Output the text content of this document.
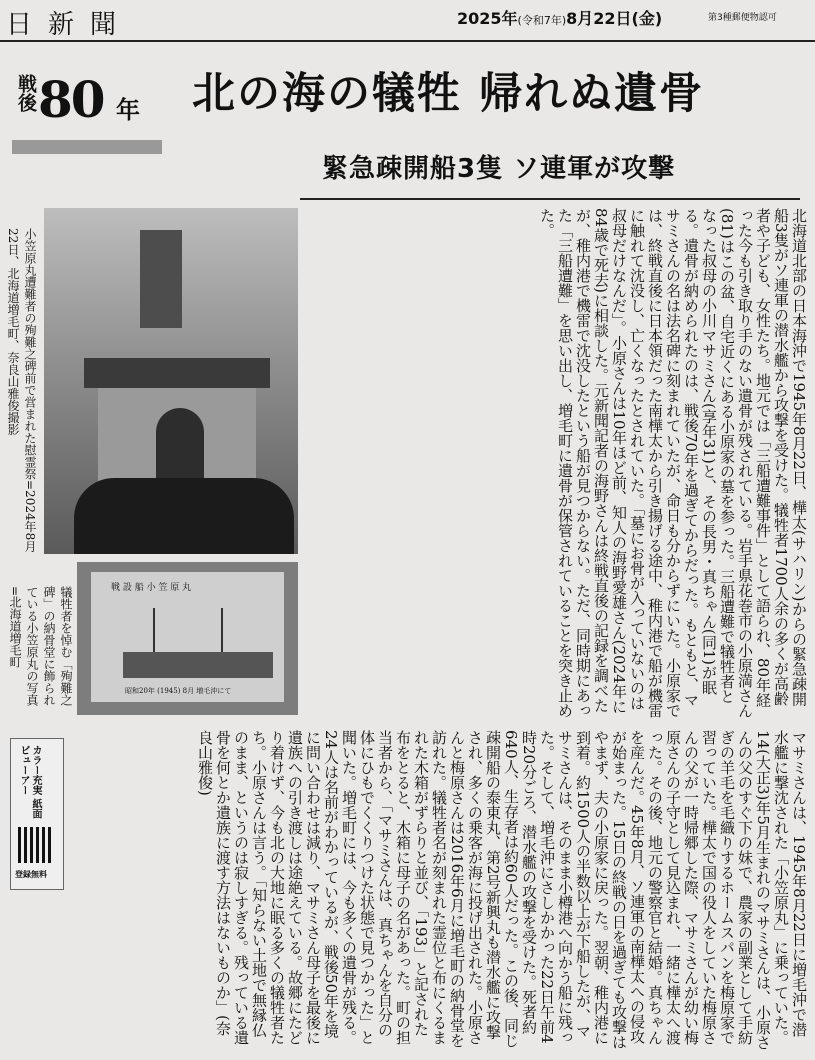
日新聞	2025年(令和7年)8月22日(金)	第3種郵便物認可
戦後 80 年 北の海の犠牲 帰れぬ遺骨
緊急疎開船3隻 ソ連軍が攻撃
小笠原丸遭難者の殉難之碑前で営まれた慰霊祭=2024年8月22日、北海道増毛町、奈良山雅俊撮影
犠牲者を悼む「殉難之碑」の納骨堂に飾られている小笠原丸の写真=北海道増毛町	戦 設 船 小 笠 原 丸
昭和20年 (1945) 8月 増毛沖にて	北海道北部の日本海沖で1945年8月22日、樺太(サハリン)からの緊急疎開船3隻がソ連軍の潜水艦から攻撃を受けた。犠牲者1700人余の多くが高齢者や子ども、女性たち。地元では「三船遭難事件」として語られ、80年経った今も引き取り手のない遺骨が残されている。岩手県花巻市の小原満さん(81)はこの盆、自宅近くにある小原家の墓を参った。三船遭難で犠牲者となった叔母の小川マサミさん(享年31)と、その長男・真ちゃん(同1)が眠る。遺骨が納められたのは、戦後70年を過ぎてからだった。もともと、マサミさんの名は法名碑に刻まれていたが、命日も分からずにいた。小原家では、終戦直後に日本領だった南樺太から引き揚げる途中、稚内港で船が機雷に触れて沈没し、亡くなったとされていた。「墓にお骨が入っていないのは叔母だけなんだ」。小原さんは10年ほど前、知人の海野愛雄さん(2024年に84歳で死去)に相談した。元新聞記者の海野さんは終戦直後の記録を調べたが、稚内港で機雷で沈没したという船が見つからない。ただ、同時期にあった「三船遭難」を思い出し、増毛町に遺骨が保管されていることを突き止めた。
マサミさんは、1945年8月22日に増毛沖で潜水艦に撃沈された「小笠原丸」に乗っていた。14(大正3)年5月生まれのマサミさんは、小原さんの父のすぐ下の妹で、農家の副業として手紡ぎの羊毛を毛織りするホームスパンを梅原家で習っていた。樺太で国の役人をしていた梅原さんの父が一時帰郷した際、マサミさんが幼い梅原さんの子守として見込まれ、一緒に樺太へ渡った。その後、地元の警察官と結婚。真ちゃんを産んだ。45年8月、ソ連軍の南樺太への侵攻が始まった。15日の終戦の日を過ぎても攻撃はやまず、夫の小原家に戻った。翌朝、稚内港に到着。約1500人の半数以上が下船したが、マサミさんは、そのまま小樽港へ向かう船に残った。そして、増毛沖にさしかかった22日午前4時20分ごろ、潜水艦の攻撃を受けた。死者約640人、生存者は約60人だった。この後、同じ疎開船の泰東丸、第2号新興丸も潜水艦に攻撃され、多くの乗客が海に投げ出された。小原さんと梅原さんは2016年6月に増毛町の納骨堂を訪れた。犠牲者名が刻まれた霊位と布にくるまれた木箱がずらりと並び、「193」と記された布をとると、木箱に母子の名があった。町の担当者から、「マサミさんは、真ちゃんを自分の体にひもでくくりつけた状態で見つかった」と聞いた。増毛町には、今も多くの遺骨が残る。24人は名前がわかっているが、戦後50年を境に問い合わせは減り、マサミさん母子を最後に遺族への引き渡しは途絶えている。故郷にたどり着けず、今も北の大地に眠る多くの犠牲者たち。小原さんは言う。「知らない土地で無縁仏のまま、というのは寂しすぎる。残っている遺骨を何とか遺族に渡す方法はないものか」(奈良山雅俊)
カラー充実 紙面ビューアー
登録無料
